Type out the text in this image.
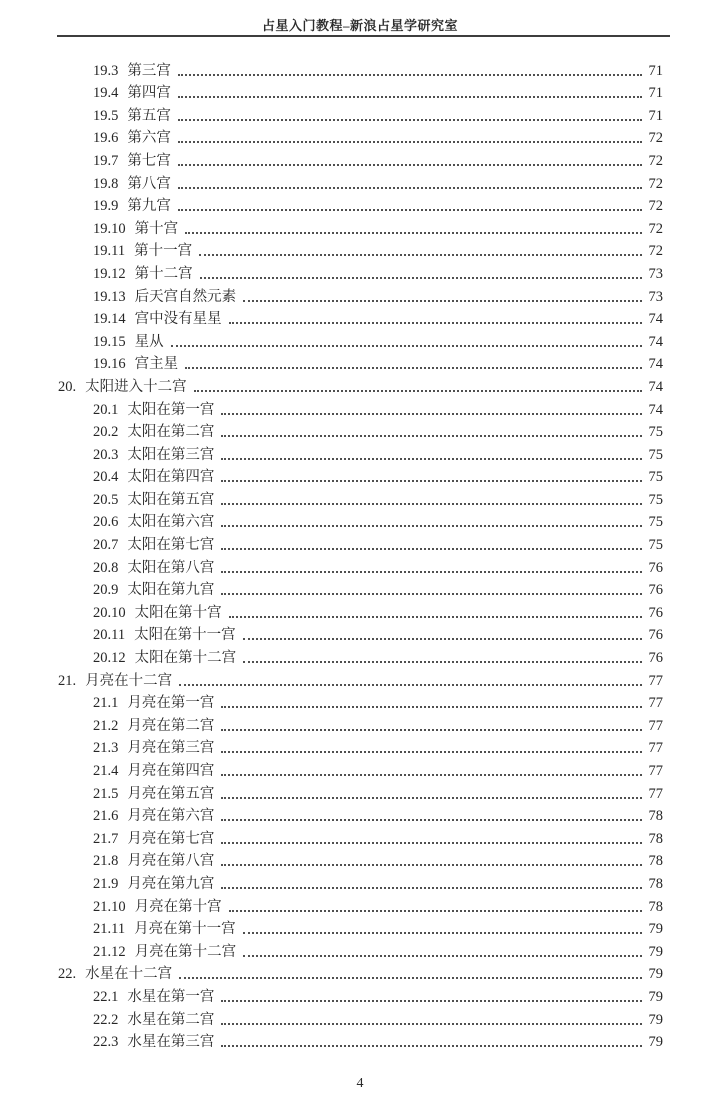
占星入门教程–新浪占星学研究室
19.3 第三宫	71
19.4 第四宫	71
19.5 第五宫	71
19.6 第六宫	72
19.7 第七宫	72
19.8 第八宫	72
19.9 第九宫	72
19.10 第十宫	72
19.11 第十一宫	72
19.12 第十二宫	73
19.13 后天宫自然元素	73
19.14 宫中没有星星	74
19.15 星从	74
19.16 宫主星	74
20. 太阳进入十二宫	74
20.1 太阳在第一宫	74
20.2 太阳在第二宫	75
20.3 太阳在第三宫	75
20.4 太阳在第四宫	75
20.5 太阳在第五宫	75
20.6 太阳在第六宫	75
20.7 太阳在第七宫	75
20.8 太阳在第八宫	76
20.9 太阳在第九宫	76
20.10 太阳在第十宫	76
20.11 太阳在第十一宫	76
20.12 太阳在第十二宫	76
21. 月亮在十二宫	77
21.1 月亮在第一宫	77
21.2 月亮在第二宫	77
21.3 月亮在第三宫	77
21.4 月亮在第四宫	77
21.5 月亮在第五宫	77
21.6 月亮在第六宫	78
21.7 月亮在第七宫	78
21.8 月亮在第八宫	78
21.9 月亮在第九宫	78
21.10 月亮在第十宫	78
21.11 月亮在第十一宫	79
21.12 月亮在第十二宫	79
22. 水星在十二宫	79
22.1 水星在第一宫	79
22.2 水星在第二宫	79
22.3 水星在第三宫	79
4
